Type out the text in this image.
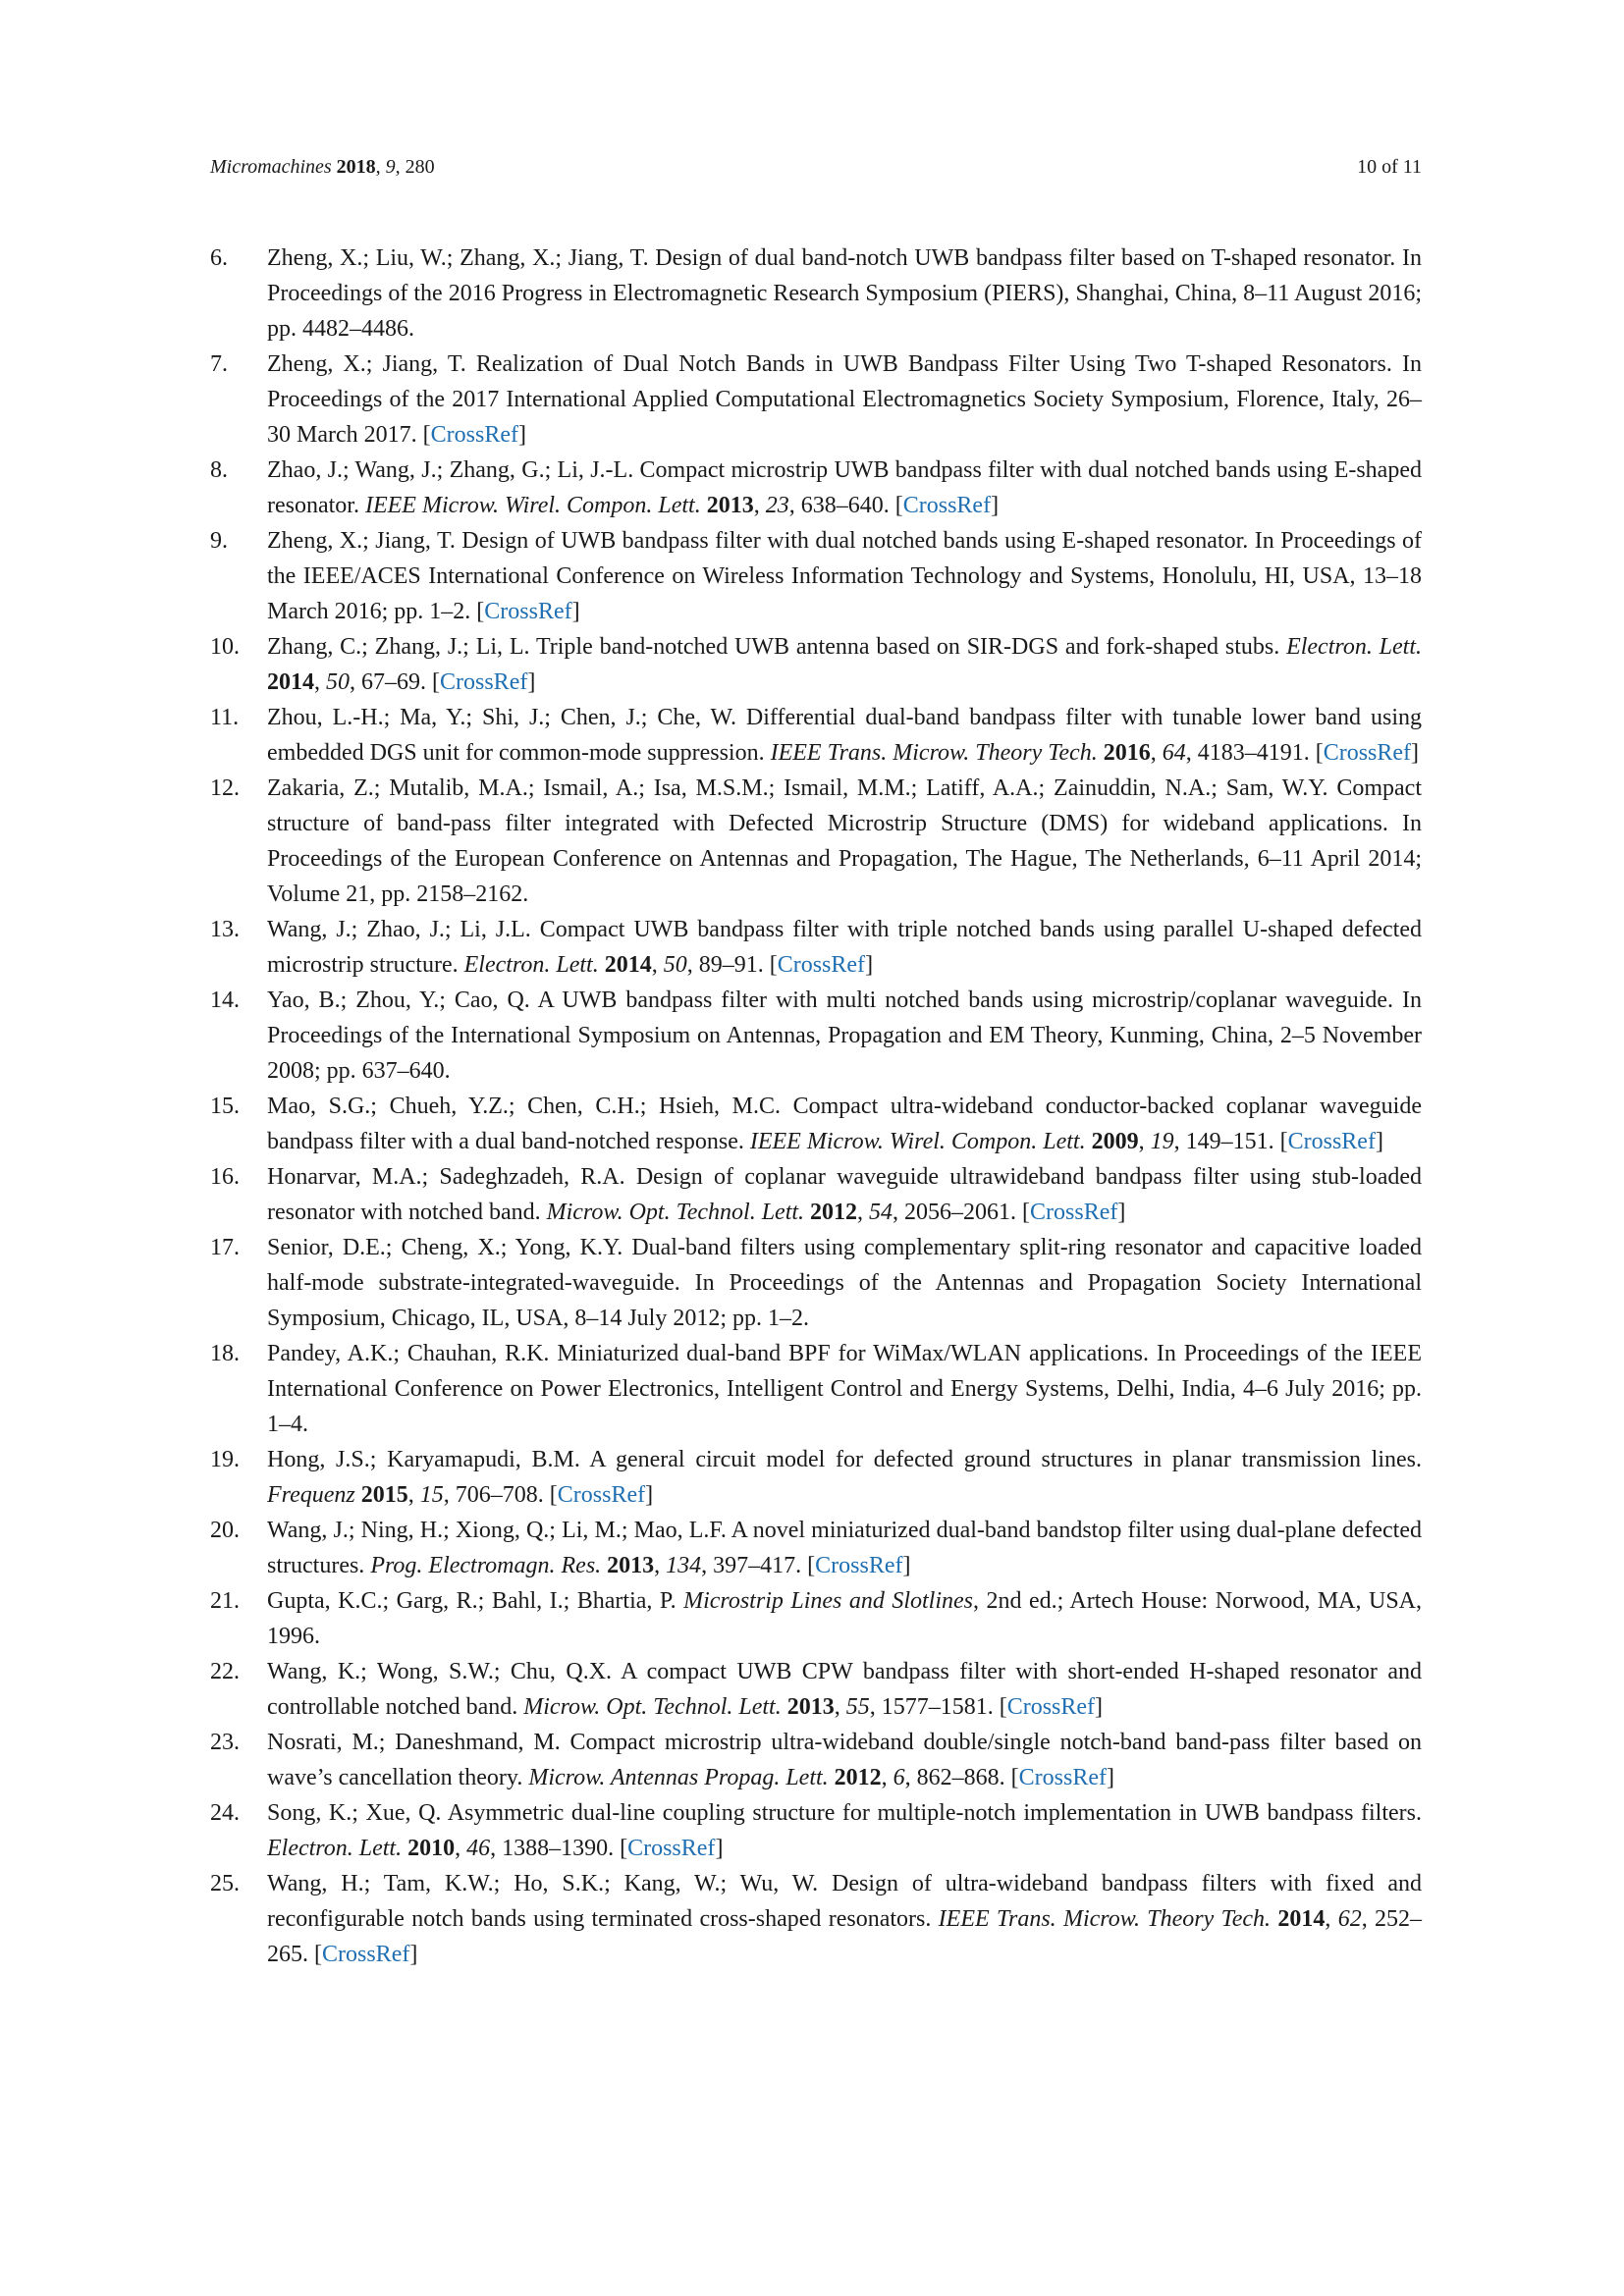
Micromachines 2018, 9, 280	10 of 11
6. Zheng, X.; Liu, W.; Zhang, X.; Jiang, T. Design of dual band-notch UWB bandpass filter based on T-shaped resonator. In Proceedings of the 2016 Progress in Electromagnetic Research Symposium (PIERS), Shanghai, China, 8–11 August 2016; pp. 4482–4486.
7. Zheng, X.; Jiang, T. Realization of Dual Notch Bands in UWB Bandpass Filter Using Two T-shaped Resonators. In Proceedings of the 2017 International Applied Computational Electromagnetics Society Symposium, Florence, Italy, 26–30 March 2017. [CrossRef]
8. Zhao, J.; Wang, J.; Zhang, G.; Li, J.-L. Compact microstrip UWB bandpass filter with dual notched bands using E-shaped resonator. IEEE Microw. Wirel. Compon. Lett. 2013, 23, 638–640. [CrossRef]
9. Zheng, X.; Jiang, T. Design of UWB bandpass filter with dual notched bands using E-shaped resonator. In Proceedings of the IEEE/ACES International Conference on Wireless Information Technology and Systems, Honolulu, HI, USA, 13–18 March 2016; pp. 1–2. [CrossRef]
10. Zhang, C.; Zhang, J.; Li, L. Triple band-notched UWB antenna based on SIR-DGS and fork-shaped stubs. Electron. Lett. 2014, 50, 67–69. [CrossRef]
11. Zhou, L.-H.; Ma, Y.; Shi, J.; Chen, J.; Che, W. Differential dual-band bandpass filter with tunable lower band using embedded DGS unit for common-mode suppression. IEEE Trans. Microw. Theory Tech. 2016, 64, 4183–4191. [CrossRef]
12. Zakaria, Z.; Mutalib, M.A.; Ismail, A.; Isa, M.S.M.; Ismail, M.M.; Latiff, A.A.; Zainuddin, N.A.; Sam, W.Y. Compact structure of band-pass filter integrated with Defected Microstrip Structure (DMS) for wideband applications. In Proceedings of the European Conference on Antennas and Propagation, The Hague, The Netherlands, 6–11 April 2014; Volume 21, pp. 2158–2162.
13. Wang, J.; Zhao, J.; Li, J.L. Compact UWB bandpass filter with triple notched bands using parallel U-shaped defected microstrip structure. Electron. Lett. 2014, 50, 89–91. [CrossRef]
14. Yao, B.; Zhou, Y.; Cao, Q. A UWB bandpass filter with multi notched bands using microstrip/coplanar waveguide. In Proceedings of the International Symposium on Antennas, Propagation and EM Theory, Kunming, China, 2–5 November 2008; pp. 637–640.
15. Mao, S.G.; Chueh, Y.Z.; Chen, C.H.; Hsieh, M.C. Compact ultra-wideband conductor-backed coplanar waveguide bandpass filter with a dual band-notched response. IEEE Microw. Wirel. Compon. Lett. 2009, 19, 149–151. [CrossRef]
16. Honarvar, M.A.; Sadeghzadeh, R.A. Design of coplanar waveguide ultrawideband bandpass filter using stub-loaded resonator with notched band. Microw. Opt. Technol. Lett. 2012, 54, 2056–2061. [CrossRef]
17. Senior, D.E.; Cheng, X.; Yong, K.Y. Dual-band filters using complementary split-ring resonator and capacitive loaded half-mode substrate-integrated-waveguide. In Proceedings of the Antennas and Propagation Society International Symposium, Chicago, IL, USA, 8–14 July 2012; pp. 1–2.
18. Pandey, A.K.; Chauhan, R.K. Miniaturized dual-band BPF for WiMax/WLAN applications. In Proceedings of the IEEE International Conference on Power Electronics, Intelligent Control and Energy Systems, Delhi, India, 4–6 July 2016; pp. 1–4.
19. Hong, J.S.; Karyamapudi, B.M. A general circuit model for defected ground structures in planar transmission lines. Frequenz 2015, 15, 706–708. [CrossRef]
20. Wang, J.; Ning, H.; Xiong, Q.; Li, M.; Mao, L.F. A novel miniaturized dual-band bandstop filter using dual-plane defected structures. Prog. Electromagn. Res. 2013, 134, 397–417. [CrossRef]
21. Gupta, K.C.; Garg, R.; Bahl, I.; Bhartia, P. Microstrip Lines and Slotlines, 2nd ed.; Artech House: Norwood, MA, USA, 1996.
22. Wang, K.; Wong, S.W.; Chu, Q.X. A compact UWB CPW bandpass filter with short-ended H-shaped resonator and controllable notched band. Microw. Opt. Technol. Lett. 2013, 55, 1577–1581. [CrossRef]
23. Nosrati, M.; Daneshmand, M. Compact microstrip ultra-wideband double/single notch-band band-pass filter based on wave’s cancellation theory. Microw. Antennas Propag. Lett. 2012, 6, 862–868. [CrossRef]
24. Song, K.; Xue, Q. Asymmetric dual-line coupling structure for multiple-notch implementation in UWB bandpass filters. Electron. Lett. 2010, 46, 1388–1390. [CrossRef]
25. Wang, H.; Tam, K.W.; Ho, S.K.; Kang, W.; Wu, W. Design of ultra-wideband bandpass filters with fixed and reconfigurable notch bands using terminated cross-shaped resonators. IEEE Trans. Microw. Theory Tech. 2014, 62, 252–265. [CrossRef]
